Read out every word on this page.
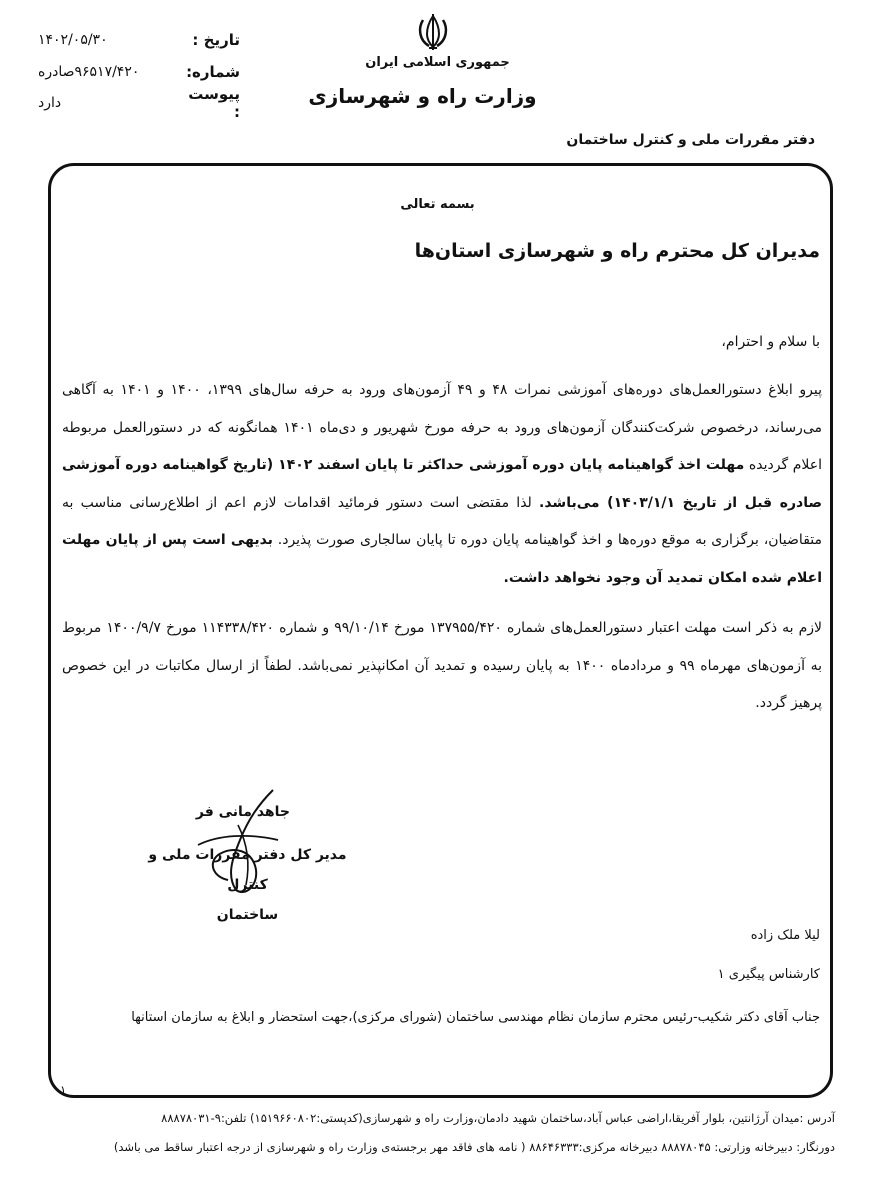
تاریخ :
۱۴۰۲/۰۵/۳۰
شماره:
۹۶۵۱۷/۴۲۰صادره
پیوست :
دارد
جمهوری اسلامی ایران
وزارت راه و شهرسازی
دفتر مقررات ملی و کنترل ساختمان
بسمه تعالی
مدیران کل محترم راه و شهرسازی استان‌ها
با سلام و احترام،
پیرو ابلاغ دستورالعمل‌های دوره‌های آموزشی نمرات ۴۸ و ۴۹ آزمون‌های ورود به حرفه سال‌های ۱۳۹۹، ۱۴۰۰ و ۱۴۰۱ به آگاهی می‌رساند، درخصوص شرکت‌کنندگان آزمون‌های ورود به حرفه مورخ شهریور و دی‌ماه ۱۴۰۱ همانگونه که در دستورالعمل مربوطه اعلام گردیده مهلت اخذ گواهینامه پایان دوره آموزشی حداکثر تا پایان اسفند ۱۴۰۲ (تاریخ گواهینامه دوره آموزشی صادره قبل از تاریخ ۱۴۰۳/۱/۱) می‌باشد. لذا مقتضی است دستور فرمائید اقدامات لازم اعم از اطلاع‌رسانی مناسب به متقاضیان، برگزاری به موقع دوره‌ها و اخذ گواهینامه پایان دوره تا پایان سالجاری صورت پذیرد. بدیهی است پس از پایان مهلت اعلام شده امکان تمدید آن وجود نخواهد داشت.
لازم به ذکر است مهلت اعتبار دستورالعمل‌های شماره ۱۳۷۹۵۵/۴۲۰ مورخ ۹۹/۱۰/۱۴ و شماره ۱۱۴۳۳۸/۴۲۰ مورخ ۱۴۰۰/۹/۷ مربوط به آزمون‌های مهرماه ۹۹ و مردادماه ۱۴۰۰ به پایان رسیده و تمدید آن امکانپذیر نمی‌باشد. لطفاً از ارسال مکاتبات در این خصوص پرهیز گردد.
جاهد مانی فر
مدیر کل دفتر مقررات ملی و کنترل
ساختمان
لیلا ملک زاده
کارشناس پیگیری ۱
جناب آقای دکتر شکیب-رئیس محترم سازمان نظام مهندسی ساختمان (شورای مرکزی)،جهت استحضار و ابلاغ به سازمان استانها
۱
آدرس :میدان آرژانتین، بلوار آفریقا،اراضی عباس آباد،ساختمان شهید دادمان،وزارت راه و شهرسازی(کدپستی:۱۵۱۹۶۶۰۸۰۲) تلفن:۹-۸۸۸۷۸۰۳۱
دورنگار: دبیرخانه وزارتی: ۸۸۸۷۸۰۴۵ دبیرخانه مرکزی:۸۸۶۴۶۳۳۳ ( نامه های فاقد مهر برجسته‌ی وزارت راه و شهرسازی از درجه اعتبار ساقط می باشد)
